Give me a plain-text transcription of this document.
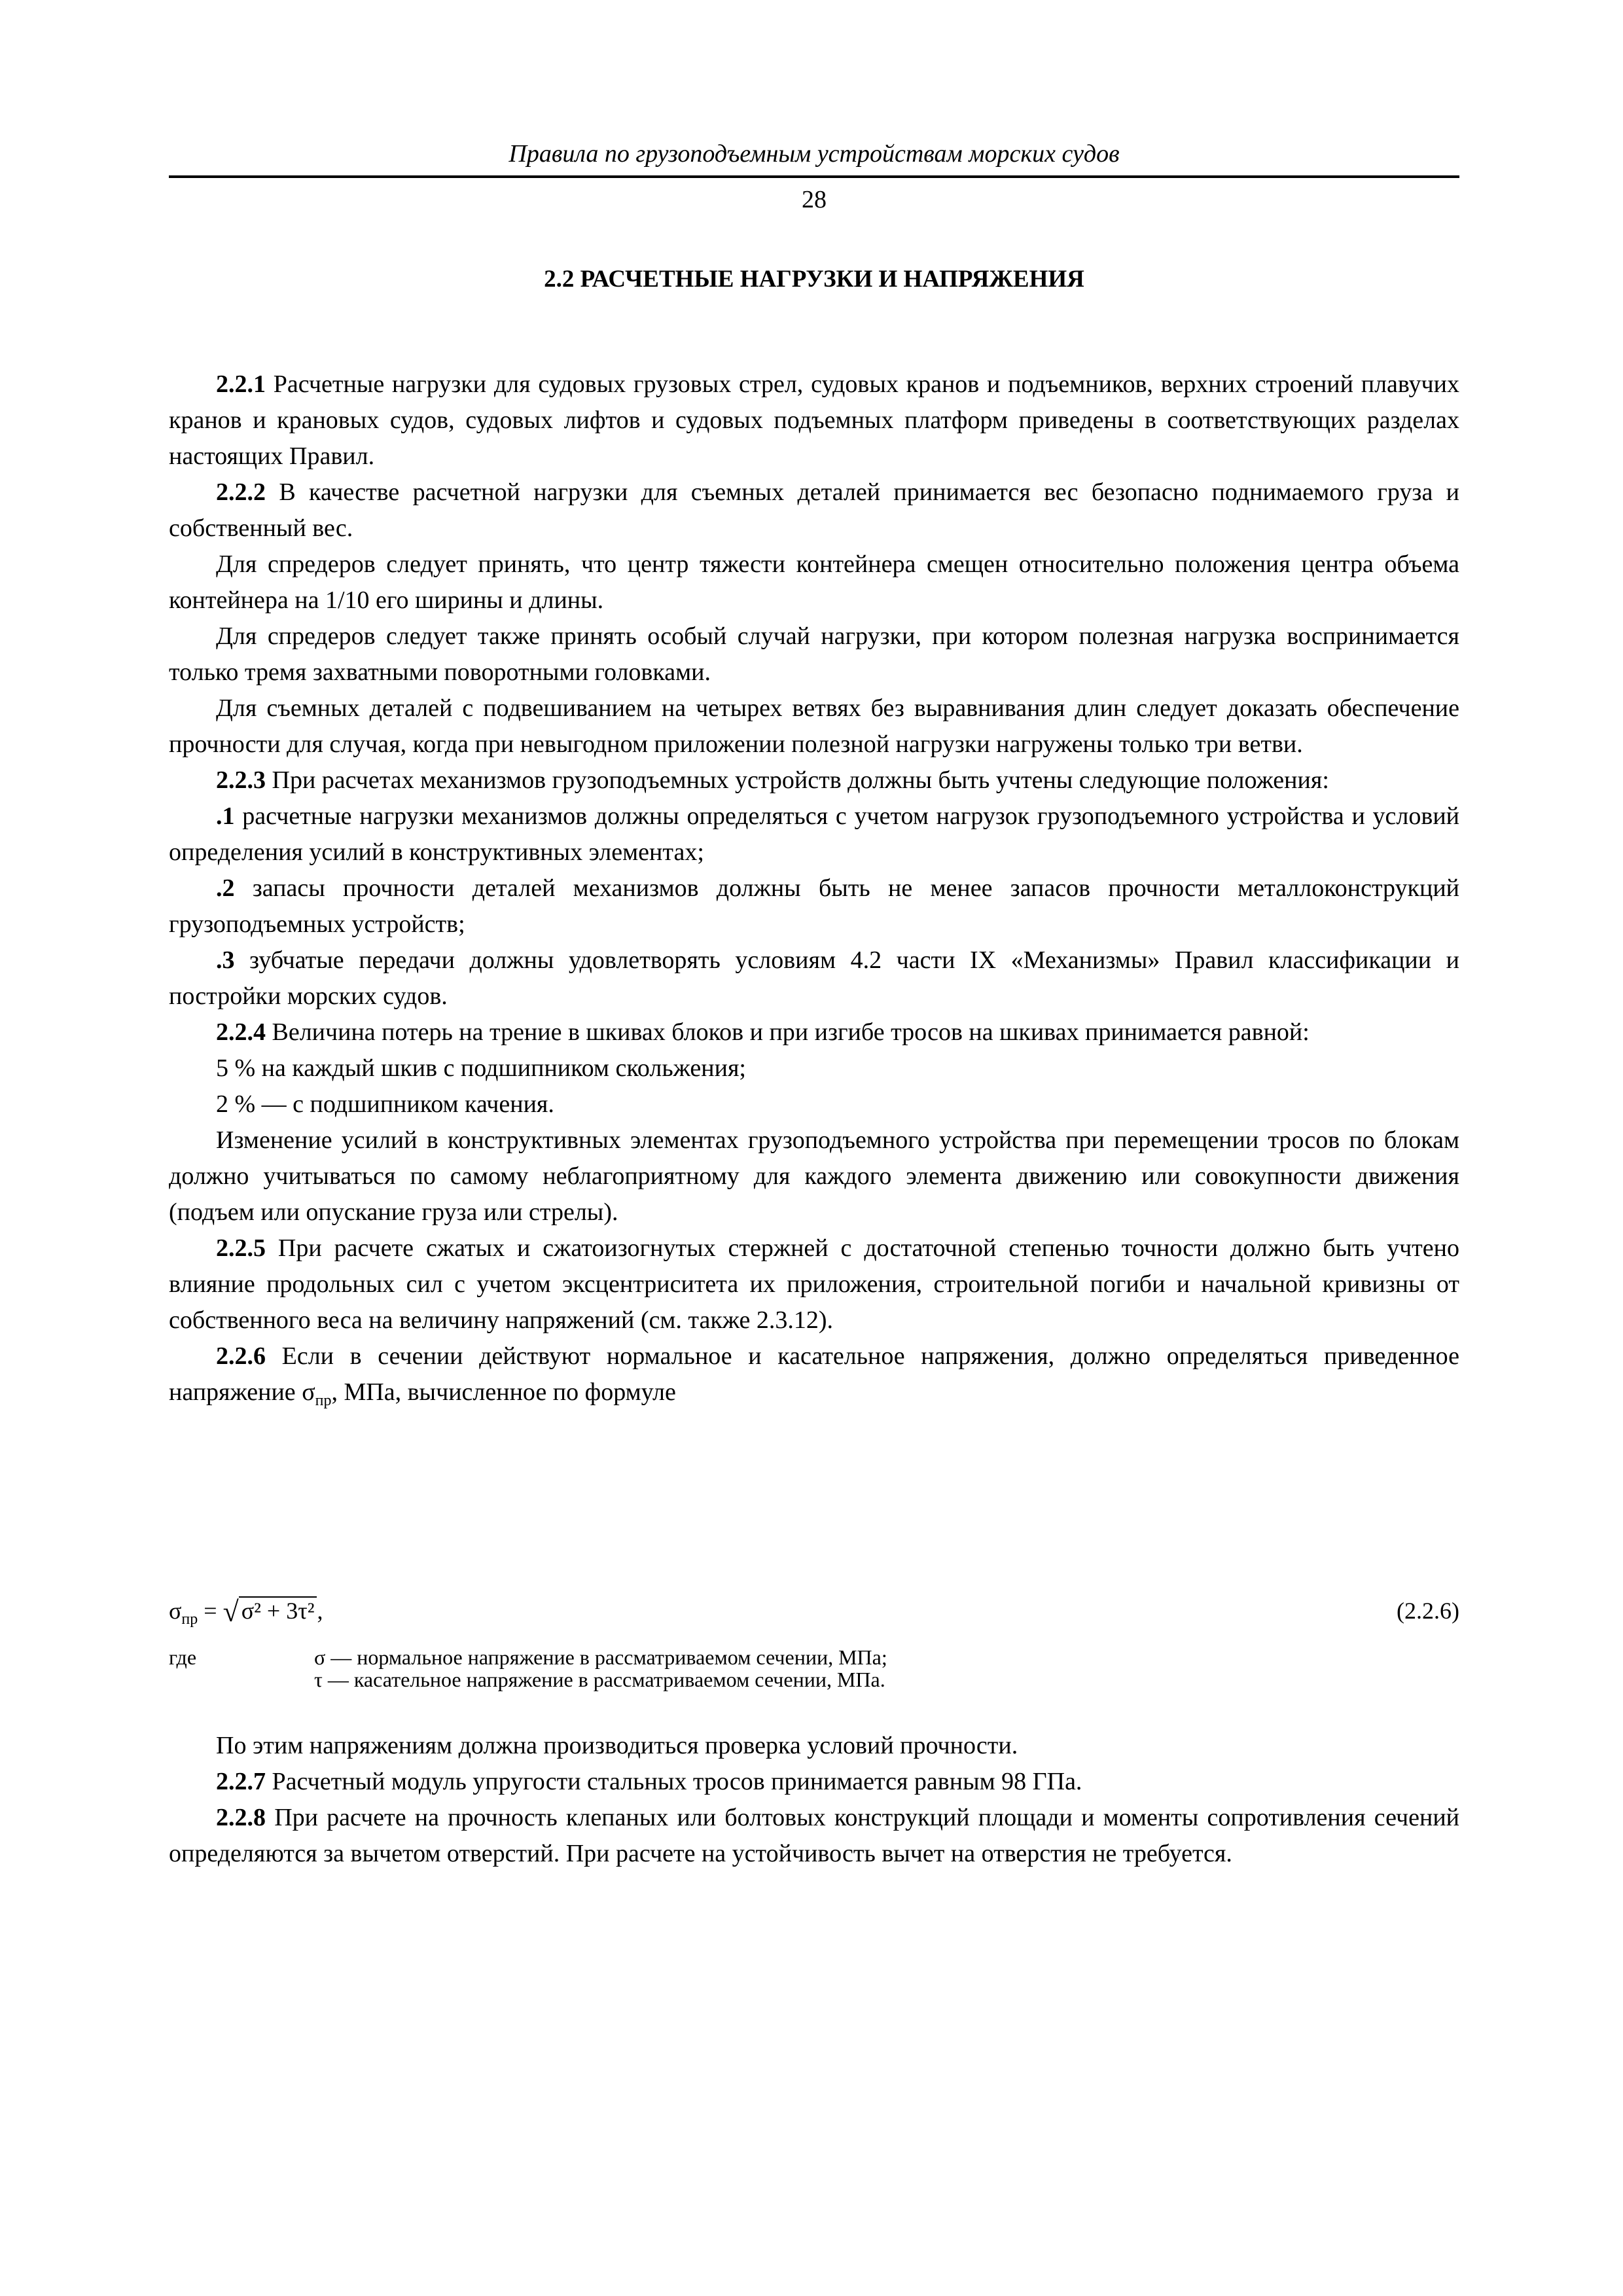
Правила по грузоподъемным устройствам морских судов
28
2.2 РАСЧЕТНЫЕ НАГРУЗКИ И НАПРЯЖЕНИЯ

2.2.1 Расчетные нагрузки для судовых грузовых стрел, судовых кранов и подъемников, верхних строений плавучих кранов и крановых судов, судовых лифтов и судовых подъемных платформ приведены в соответствующих разделах настоящих Правил.

2.2.2 В качестве расчетной нагрузки для съемных деталей принимается вес безопасно поднимаемого груза и собственный вес.

Для спредеров следует принять, что центр тяжести контейнера смещен относительно положения центра объема контейнера на 1/10 его ширины и длины.

Для спредеров следует также принять особый случай нагрузки, при котором полезная нагрузка воспринимается только тремя захватными поворотными головками.

Для съемных деталей с подвешиванием на четырех ветвях без выравнивания длин следует доказать обеспечение прочности для случая, когда при невыгодном приложении полезной нагрузки нагружены только три ветви.

2.2.3 При расчетах механизмов грузоподъемных устройств должны быть учтены следующие положения:

.1 расчетные нагрузки механизмов должны определяться с учетом нагрузок грузоподъемного устройства и условий определения усилий в конструктивных элементах;

.2 запасы прочности деталей механизмов должны быть не менее запасов прочности металлоконструкций грузоподъемных устройств;

.3 зубчатые передачи должны удовлетворять условиям 4.2 части IX «Механизмы» Правил классификации и постройки морских судов.

2.2.4 Величина потерь на трение в шкивах блоков и при изгибе тросов на шкивах принимается равной:

5 % на каждый шкив с подшипником скольжения;

2 % — с подшипником качения.

Изменение усилий в конструктивных элементах грузоподъемного устройства при перемещении тросов по блокам должно учитываться по самому неблагоприятному для каждого элемента движению или совокупности движения (подъем или опускание груза или стрелы).

2.2.5 При расчете сжатых и сжатоизогнутых стержней с достаточной степенью точности должно быть учтено влияние продольных сил с учетом эксцентриситета их приложения, строительной погиби и начальной кривизны от собственного веса на величину напряжений (см. также 2.3.12).

2.2.6 Если в сечении действуют нормальное и касательное напряжения, должно определяться приведенное напряжение $\sigma_{пр}$, МПа, вычисленное по формуле

$\sigma_{пр}$ = √ σ² + 3τ² ,	(2.2.6)
где	σ — нормальное напряжение в рассматриваемом сечении, МПа;
τ — касательное напряжение в рассматриваемом сечении, МПа.

По этим напряжениям должна производиться проверка условий прочности.

2.2.7 Расчетный модуль упругости стальных тросов принимается равным 98 ГПа.

2.2.8 При расчете на прочность клепаных или болтовых конструкций площади и моменты сопротивления сечений определяются за вычетом отверстий. При расчете на устойчивость вычет на отверстия не требуется.
